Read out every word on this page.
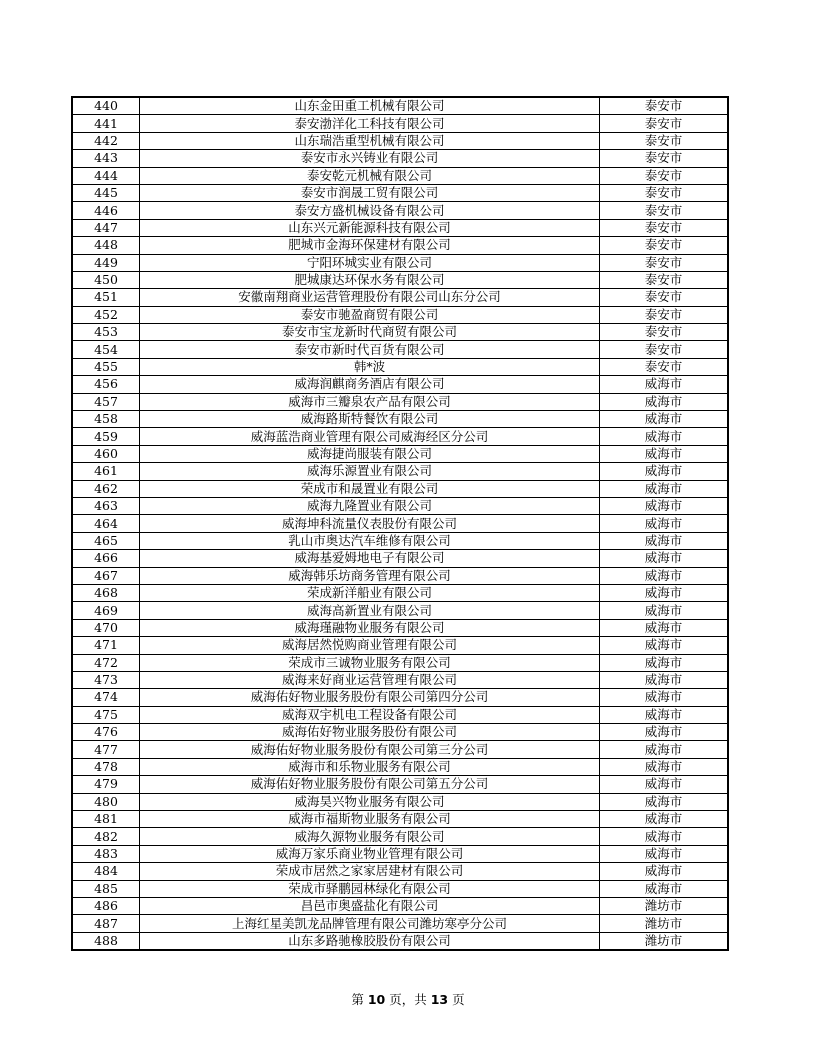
440	山东金田重工机械有限公司	泰安市
441	泰安渤洋化工科技有限公司	泰安市
442	山东瑞浩重型机械有限公司	泰安市
443	泰安市永兴铸业有限公司	泰安市
444	泰安乾元机械有限公司	泰安市
445	泰安市润晟工贸有限公司	泰安市
446	泰安方盛机械设备有限公司	泰安市
447	山东兴元新能源科技有限公司	泰安市
448	肥城市金海环保建材有限公司	泰安市
449	宁阳环城实业有限公司	泰安市
450	肥城康达环保水务有限公司	泰安市
451	安徽南翔商业运营管理股份有限公司山东分公司	泰安市
452	泰安市驰盈商贸有限公司	泰安市
453	泰安市宝龙新时代商贸有限公司	泰安市
454	泰安市新时代百货有限公司	泰安市
455	韩*波	泰安市
456	威海润麒商务酒店有限公司	威海市
457	威海市三瓣泉农产品有限公司	威海市
458	威海路斯特餐饮有限公司	威海市
459	威海蓝浩商业管理有限公司威海经区分公司	威海市
460	威海捷尚服装有限公司	威海市
461	威海乐源置业有限公司	威海市
462	荣成市和晟置业有限公司	威海市
463	威海九隆置业有限公司	威海市
464	威海坤科流量仪表股份有限公司	威海市
465	乳山市奥达汽车维修有限公司	威海市
466	威海基爱姆地电子有限公司	威海市
467	威海韩乐坊商务管理有限公司	威海市
468	荣成新洋船业有限公司	威海市
469	威海高新置业有限公司	威海市
470	威海瑾融物业服务有限公司	威海市
471	威海居然悦购商业管理有限公司	威海市
472	荣成市三诚物业服务有限公司	威海市
473	威海来好商业运营管理有限公司	威海市
474	威海佑好物业服务股份有限公司第四分公司	威海市
475	威海双宇机电工程设备有限公司	威海市
476	威海佑好物业服务股份有限公司	威海市
477	威海佑好物业服务股份有限公司第三分公司	威海市
478	威海市和乐物业服务有限公司	威海市
479	威海佑好物业服务股份有限公司第五分公司	威海市
480	威海昊兴物业服务有限公司	威海市
481	威海市福斯物业服务有限公司	威海市
482	威海久源物业服务有限公司	威海市
483	威海万家乐商业物业管理有限公司	威海市
484	荣成市居然之家家居建材有限公司	威海市
485	荣成市驿鹏园林绿化有限公司	威海市
486	昌邑市奥盛盐化有限公司	潍坊市
487	上海红星美凯龙品牌管理有限公司潍坊寒亭分公司	潍坊市
488	山东多路驰橡胶股份有限公司	潍坊市
第 10 页，共 13 页
